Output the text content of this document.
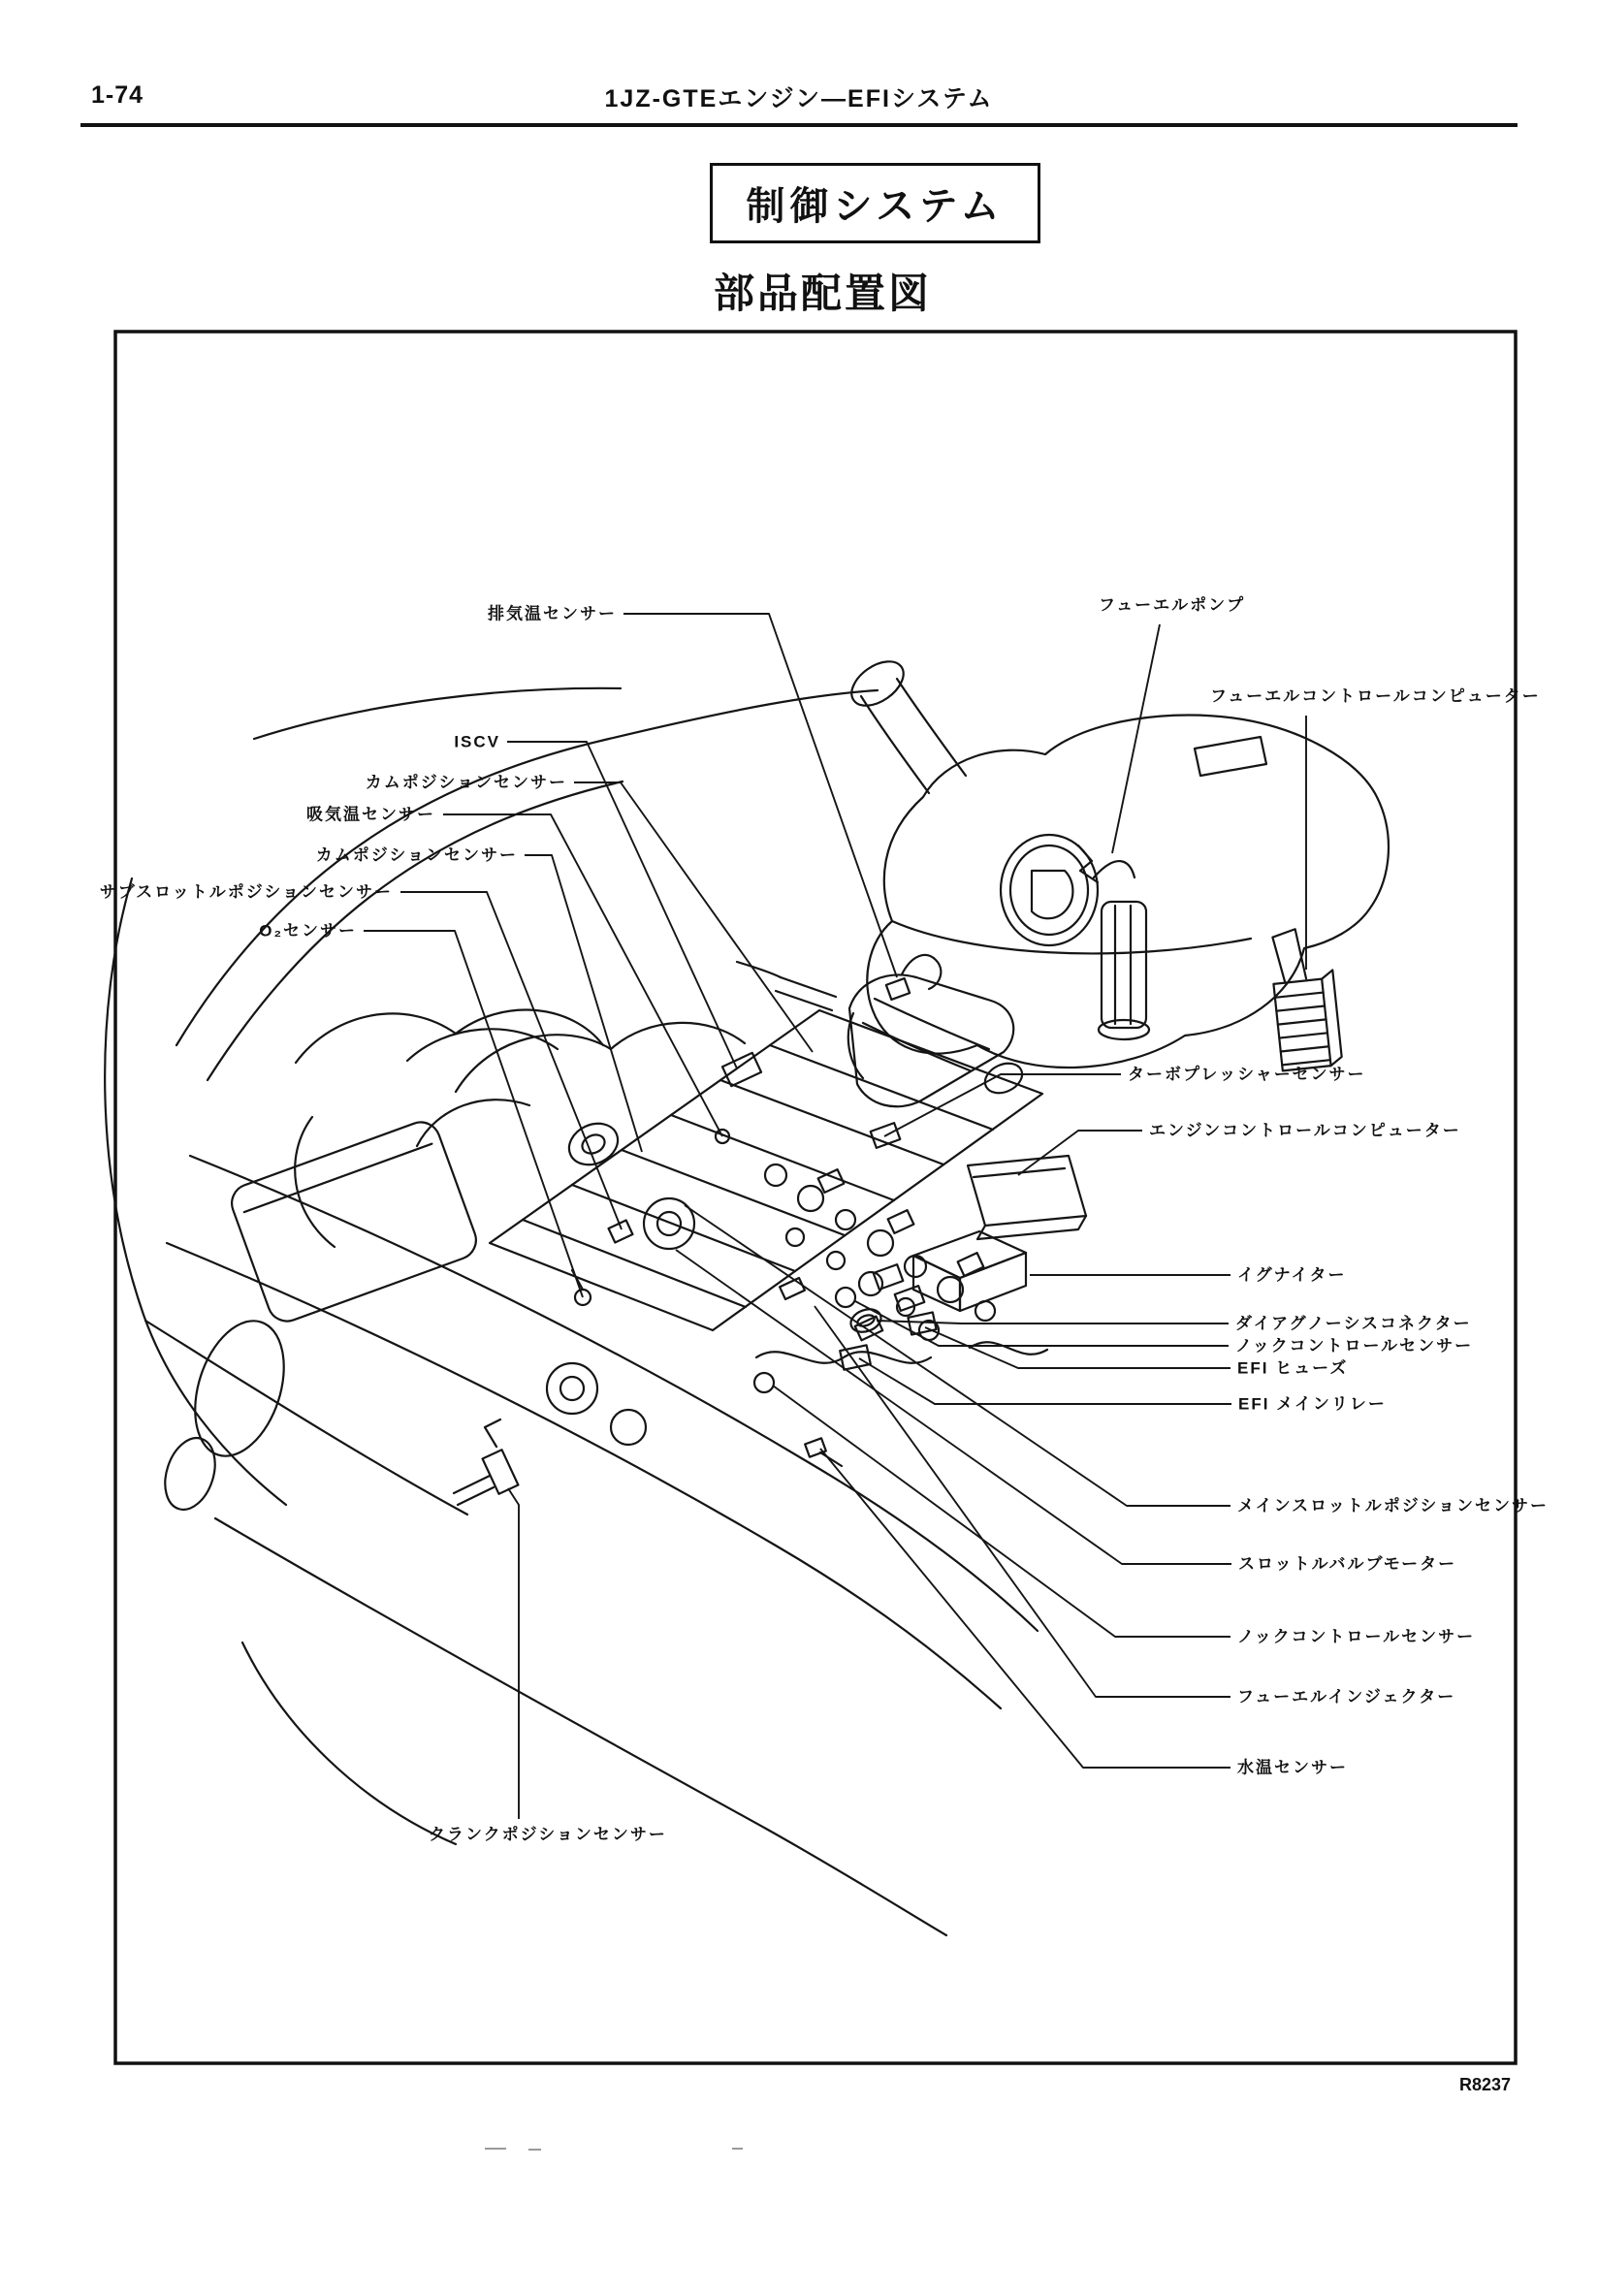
1-74	1JZ-GTEエンジン—EFIシステム
制御システム
部品配置図
排気温センサー	フューエルポンプ
フューエルコントロールコンピューター
ISCV
カムポジションセンサー
吸気温センサー
カムポジションセンサー
サブスロットルポジションセンサー
O₂センサー
ターボプレッシャーセンサー
エンジンコントロールコンピューター
イグナイター
ダイアグノーシスコネクター
ノックコントロールセンサー
EFI ヒューズ
EFI メインリレー
メインスロットルポジションセンサー
スロットルバルブモーター
ノックコントロールセンサー
フューエルインジェクター
水温センサー
クランクポジションセンサー
R8237
